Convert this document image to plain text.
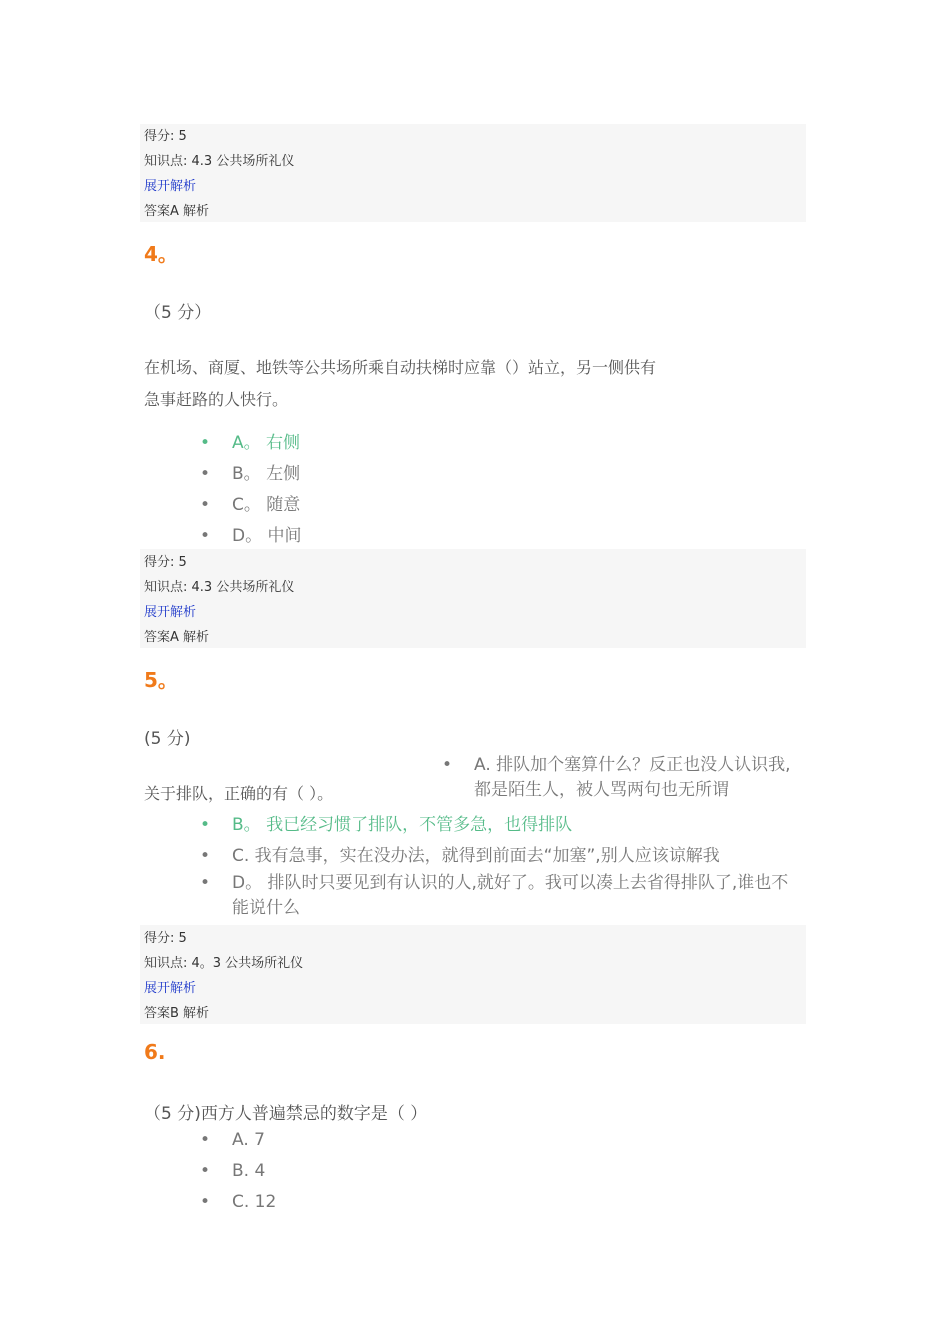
得分: 5
知识点: 4.3 公共场所礼仪
展开解析
答案A 解析
4。
（5 分）
在机场、商厦、地铁等公共场所乘自动扶梯时应靠（）站立，另一侧供有
急事赶路的人快行。
• A。 右侧
• B。 左侧
• C。 随意
• D。 中间
得分: 5
知识点: 4.3 公共场所礼仪
展开解析
答案A 解析
5。
(5 分)
关于排队，正确的有（ ）。
• A. 排队加个塞算什么？反正也没人认识我,都是陌生人，被人骂两句也无所谓
• B。 我已经习惯了排队，不管多急，也得排队
• C. 我有急事，实在没办法，就得到前面去“加塞”,别人应该谅解我
• D。 排队时只要见到有认识的人,就好了。我可以凑上去省得排队了,谁也不能说什么
得分: 5
知识点: 4。3 公共场所礼仪
展开解析
答案B 解析
6.
（5 分)西方人普遍禁忌的数字是（ ）
• A. 7
• B. 4
• C. 12
